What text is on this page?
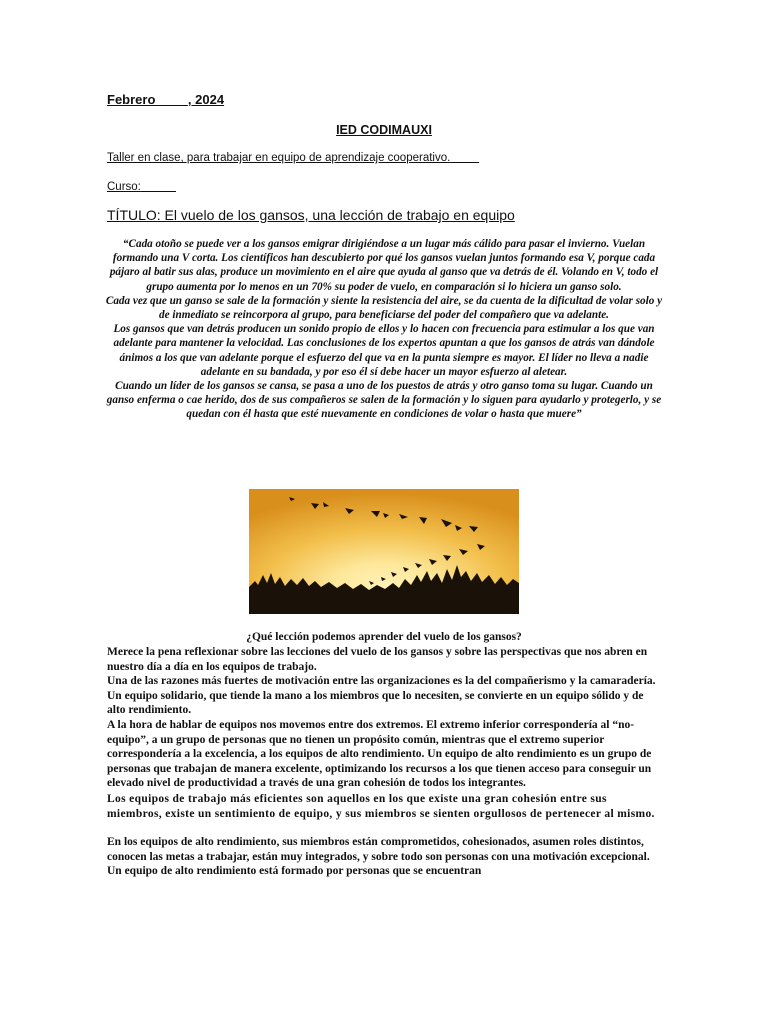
Febrero	, 2024
IED CODIMAUXI
Taller en clase, para trabajar en equipo de aprendizaje cooperativo.
Curso:
TÍTULO: El vuelo de los gansos, una lección de trabajo en equipo

“Cada otoño se puede ver a los gansos emigrar dirigiéndose a un lugar más cálido para pasar el invierno. Vuelan formando una V corta. Los científicos han descubierto por qué los gansos vuelan juntos formando esa V, porque cada pájaro al batir sus alas, produce un movimiento en el aire que ayuda al ganso que va detrás de él. Volando en V, todo el grupo aumenta por lo menos en un 70% su poder de vuelo, en comparación si lo hiciera un ganso solo.

Cada vez que un ganso se sale de la formación y siente la resistencia del aire, se da cuenta de la dificultad de volar solo y de inmediato se reincorpora al grupo, para beneficiarse del poder del compañero que va adelante.

Los gansos que van detrás producen un sonido propio de ellos y lo hacen con frecuencia para estimular a los que van adelante para mantener la velocidad. Las conclusiones de los expertos apuntan a que los gansos de atrás van dándole ánimos a los que van adelante porque el esfuerzo del que va en la punta siempre es mayor. El líder no lleva a nadie adelante en su bandada, y por eso él sí debe hacer un mayor esfuerzo al aletear.

Cuando un líder de los gansos se cansa, se pasa a uno de los puestos de atrás y otro ganso toma su lugar. Cuando un ganso enferma o cae herido, dos de sus compañeros se salen de la formación y lo siguen para ayudarlo y protegerlo, y se quedan con él hasta que esté nuevamente en condiciones de volar o hasta que muere”

¿Qué lección podemos aprender del vuelo de los gansos?

Merece la pena reflexionar sobre las lecciones del vuelo de los gansos y sobre las perspectivas que nos abren en nuestro día a día en los equipos de trabajo.

Una de las razones más fuertes de motivación entre las organizaciones es la del compañerismo y la camaradería. Un equipo solidario, que tiende la mano a los miembros que lo necesiten, se convierte en un equipo sólido y de alto rendimiento.

A la hora de hablar de equipos nos movemos entre dos extremos. El extremo inferior correspondería al “no-equipo”, a un grupo de personas que no tienen un propósito común, mientras que el extremo superior correspondería a la excelencia, a los equipos de alto rendimiento. Un equipo de alto rendimiento es un grupo de personas que trabajan de manera excelente, optimizando los recursos a los que tienen acceso para conseguir un elevado nivel de productividad a través de una gran cohesión de todos los integrantes.

Los equipos de trabajo más eficientes son aquellos en los que existe una gran cohesión entre sus miembros, existe un sentimiento de equipo, y sus miembros se sienten orgullosos de pertenecer al mismo.

En los equipos de alto rendimiento, sus miembros están comprometidos, cohesionados, asumen roles distintos, conocen las metas a trabajar, están muy integrados, y sobre todo son personas con una motivación excepcional. Un equipo de alto rendimiento está formado por personas que se encuentran
